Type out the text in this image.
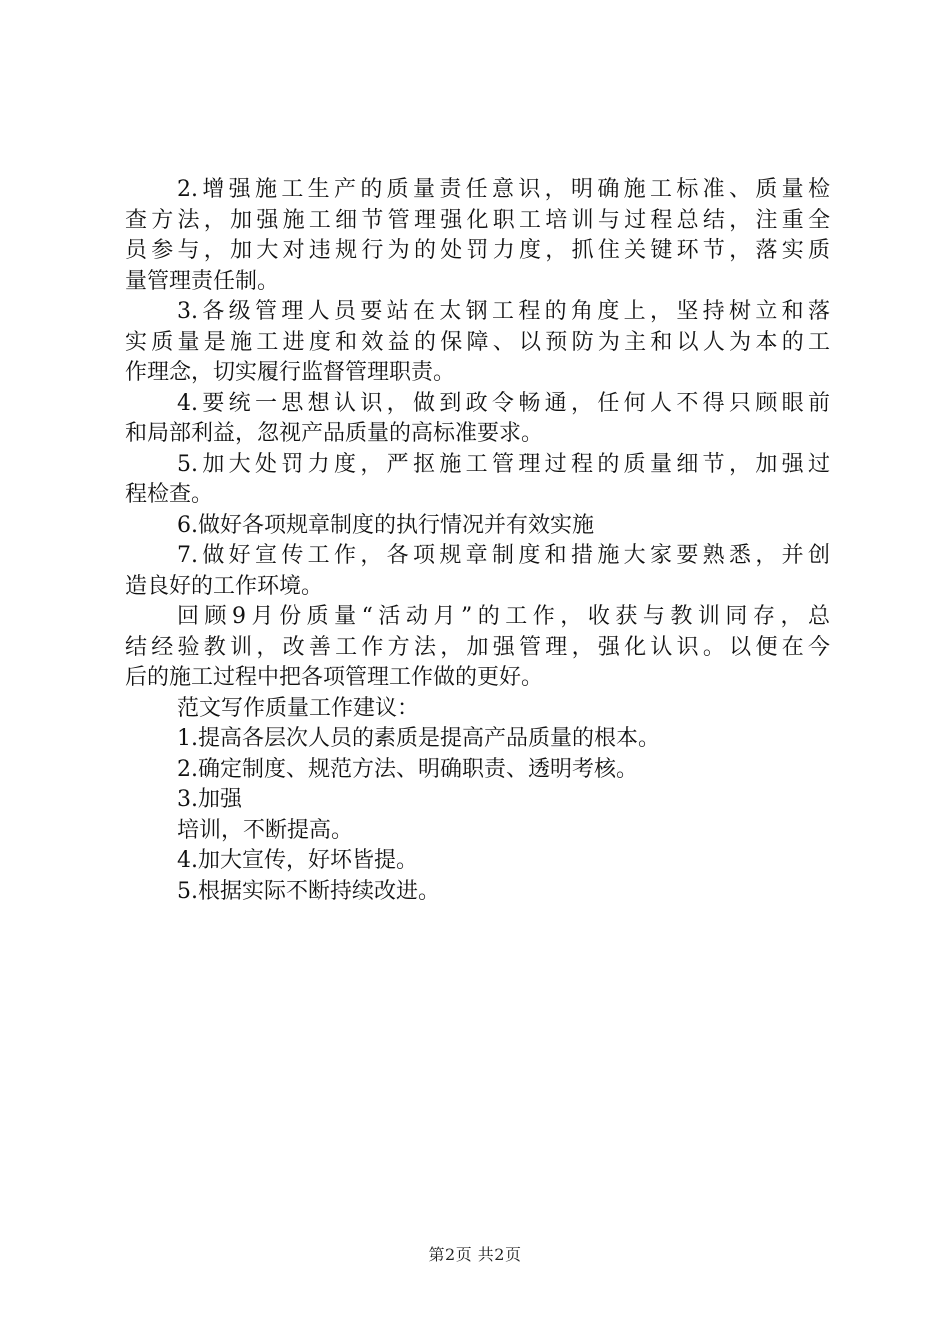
2.增强施工生产的质量责任意识，明确施工标准、质量检
查方法，加强施工细节管理强化职工培训与过程总结，注重全
员参与，加大对违规行为的处罚力度，抓住关键环节，落实质
量管理责任制。
3.各级管理人员要站在太钢工程的角度上，坚持树立和落
实质量是施工进度和效益的保障、以预防为主和以人为本的工
作理念，切实履行监督管理职责。
4.要统一思想认识，做到政令畅通，任何人不得只顾眼前
和局部利益，忽视产品质量的高标准要求。
5.加大处罚力度，严抠施工管理过程的质量细节，加强过
程检查。
6.做好各项规章制度的执行情况并有效实施
7.做好宣传工作，各项规章制度和措施大家要熟悉，并创
造良好的工作环境。
回顾9月份质量“活动月”的工作，收获与教训同存，总
结经验教训，改善工作方法，加强管理，强化认识。以便在今
后的施工过程中把各项管理工作做的更好。
范文写作质量工作建议：
1.提高各层次人员的素质是提高产品质量的根本。
2.确定制度、规范方法、明确职责、透明考核。
3.加强
培训，不断提高。
4.加大宣传，好坏皆提。
5.根据实际不断持续改进。
第2页 共2页
